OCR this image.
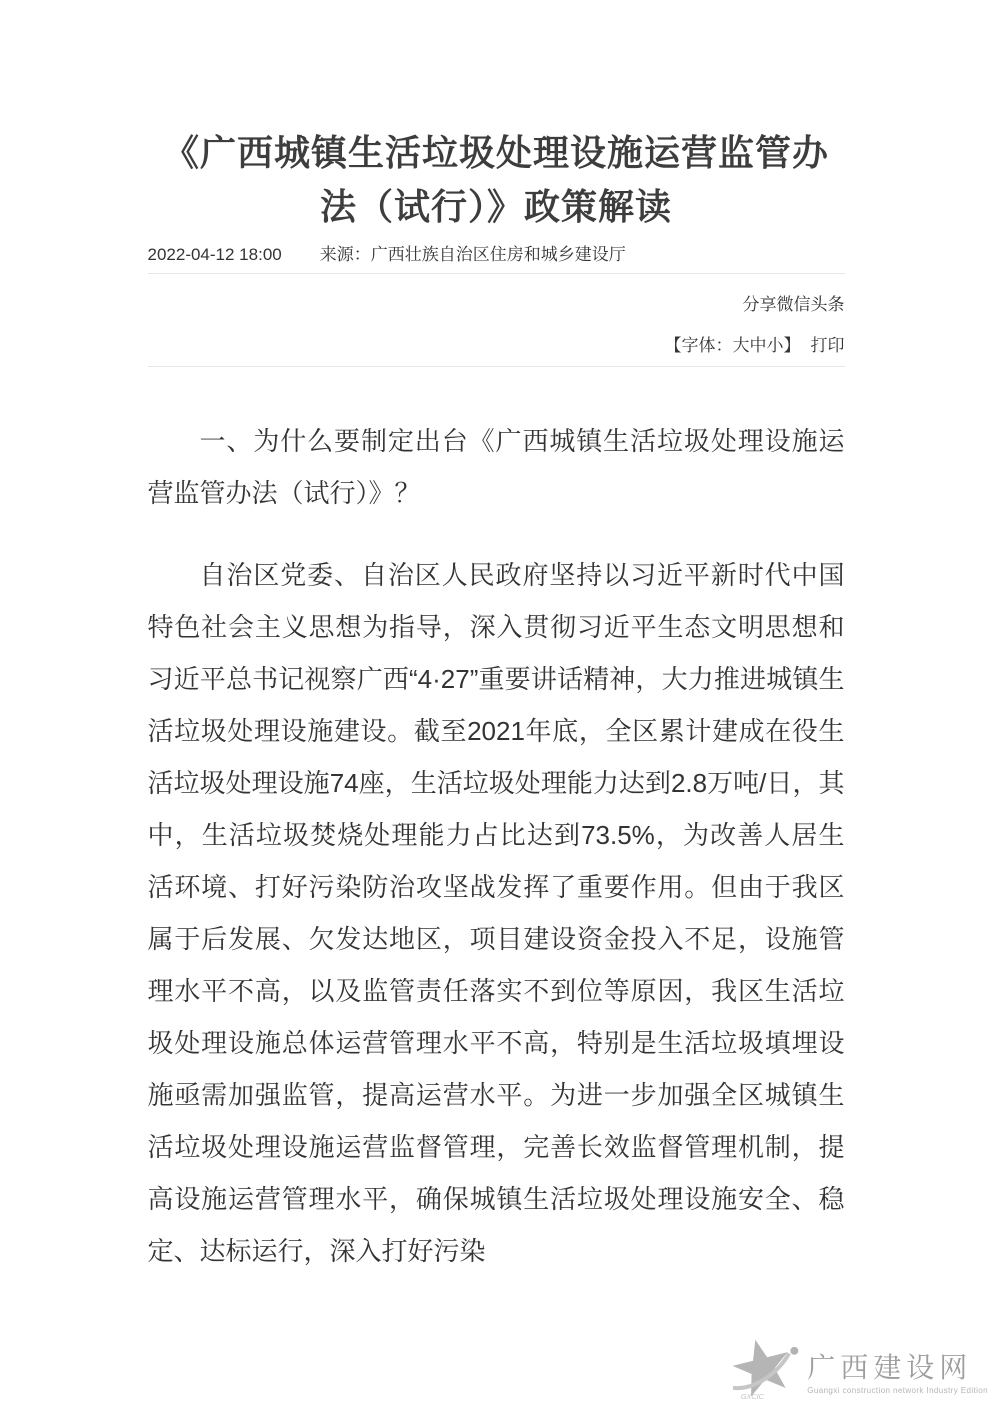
《广西城镇生活垃圾处理设施运营监管办法（试行）》政策解读
2022-04-12 18:00 来源：广西壮族自治区住房和城乡建设厅
分享微信头条
【字体：大中小】 打印

一、为什么要制定出台《广西城镇生活垃圾处理设施运营监管办法（试行）》？

自治区党委、自治区人民政府坚持以习近平新时代中国特色社会主义思想为指导，深入贯彻习近平生态文明思想和习近平总书记视察广西“4·27”重要讲话精神，大力推进城镇生活垃圾处理设施建设。截至2021年底，全区累计建成在役生活垃圾处理设施74座，生活垃圾处理能力达到2.8万吨/日，其中，生活垃圾焚烧处理能力占比达到73.5%，为改善人居生活环境、打好污染防治攻坚战发挥了重要作用。但由于我区属于后发展、欠发达地区，项目建设资金投入不足，设施管理水平不高，以及监管责任落实不到位等原因，我区生活垃圾处理设施总体运营管理水平不高，特别是生活垃圾填埋设施亟需加强监管，提高运营水平。为进一步加强全区城镇生活垃圾处理设施运营监督管理，完善长效监督管理机制，提高设施运营管理水平，确保城镇生活垃圾处理设施安全、稳定、达标运行，深入打好污染

GXCIC
广西建设网
Guangxi construction network Industry Edition
